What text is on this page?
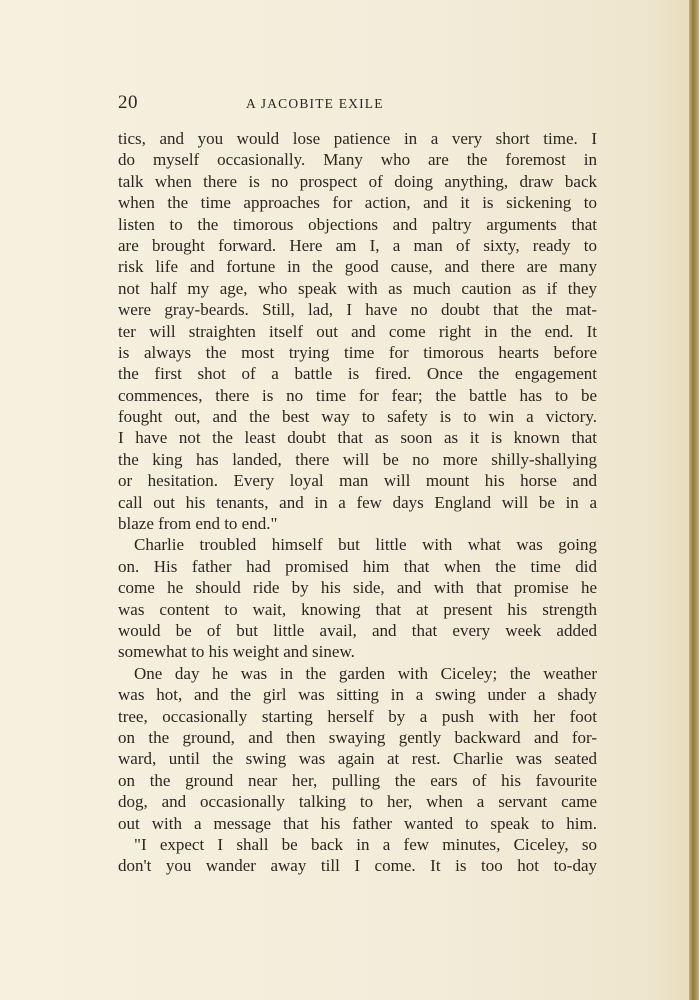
20	A JACOBITE EXILE
tics, and you would lose patience in a very short time. I
do myself occasionally. Many who are the foremost in
talk when there is no prospect of doing anything, draw back
when the time approaches for action, and it is sickening to
listen to the timorous objections and paltry arguments that
are brought forward. Here am I, a man of sixty, ready to
risk life and fortune in the good cause, and there are many
not half my age, who speak with as much caution as if they
were gray-beards. Still, lad, I have no doubt that the mat-
ter will straighten itself out and come right in the end. It
is always the most trying time for timorous hearts before
the first shot of a battle is fired. Once the engagement
commences, there is no time for fear; the battle has to be
fought out, and the best way to safety is to win a victory.
I have not the least doubt that as soon as it is known that
the king has landed, there will be no more shilly-shallying
or hesitation. Every loyal man will mount his horse and
call out his tenants, and in a few days England will be in a
blaze from end to end."
Charlie troubled himself but little with what was going
on. His father had promised him that when the time did
come he should ride by his side, and with that promise he
was content to wait, knowing that at present his strength
would be of but little avail, and that every week added
somewhat to his weight and sinew.
One day he was in the garden with Ciceley; the weather
was hot, and the girl was sitting in a swing under a shady
tree, occasionally starting herself by a push with her foot
on the ground, and then swaying gently backward and for-
ward, until the swing was again at rest. Charlie was seated
on the ground near her, pulling the ears of his favourite
dog, and occasionally talking to her, when a servant came
out with a message that his father wanted to speak to him.
"I expect I shall be back in a few minutes, Ciceley, so
don't you wander away till I come. It is too hot to-day
